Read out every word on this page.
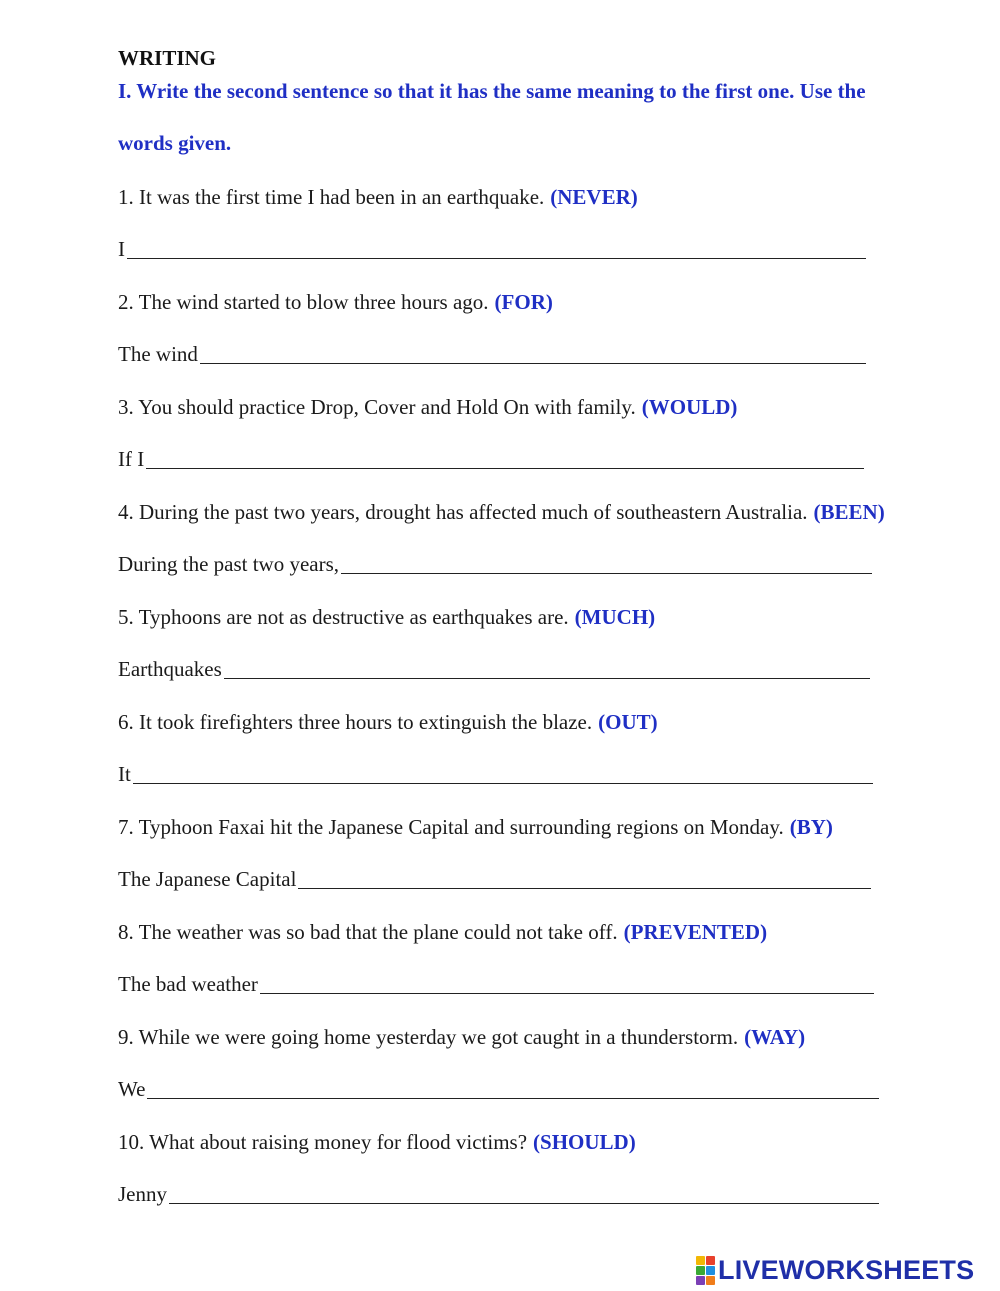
WRITING
I. Write the second sentence so that it has the same meaning to the first one. Use the
words given.
1. It was the first time I had been in an earthquake. (NEVER)
I
2. The wind started to blow three hours ago. (FOR)
The wind
3. You should practice Drop, Cover and Hold On with family. (WOULD)
If I
4. During the past two years, drought has affected much of southeastern Australia. (BEEN)
During the past two years,
5. Typhoons are not as destructive as earthquakes are. (MUCH)
Earthquakes
6. It took firefighters three hours to extinguish the blaze. (OUT)
It
7. Typhoon Faxai hit the Japanese Capital and surrounding regions on Monday. (BY)
The Japanese Capital
8. The weather was so bad that the plane could not take off. (PREVENTED)
The bad weather
9. While we were going home yesterday we got caught in a thunderstorm. (WAY)
We
10. What about raising money for flood victims? (SHOULD)
Jenny
LIVEWORKSHEETS
